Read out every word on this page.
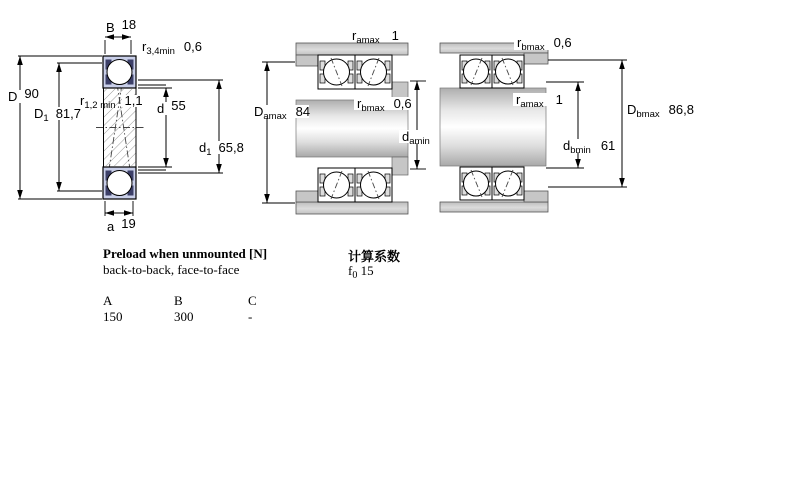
B 18
$r_{3,4min}$ 0,6
D 90	$r_{1,2 min}$ 1,1
$D_1$ 81,7	d 55
$d_1$ 65,8
a 19
$r_{amax}$ 1
$D_{amax}$ 84
$r_{bmax}$ 0,6
$d_{amin}$
$r_{bmax}$ 0,6
$r_{amax}$ 1
$D_{bmax}$ 86,8
$d_{bmin}$ 61
Preload when unmounted [N]
back-to-back, face-to-face
计算系数
$f_0$ 15
A	B	C
150	300	-
